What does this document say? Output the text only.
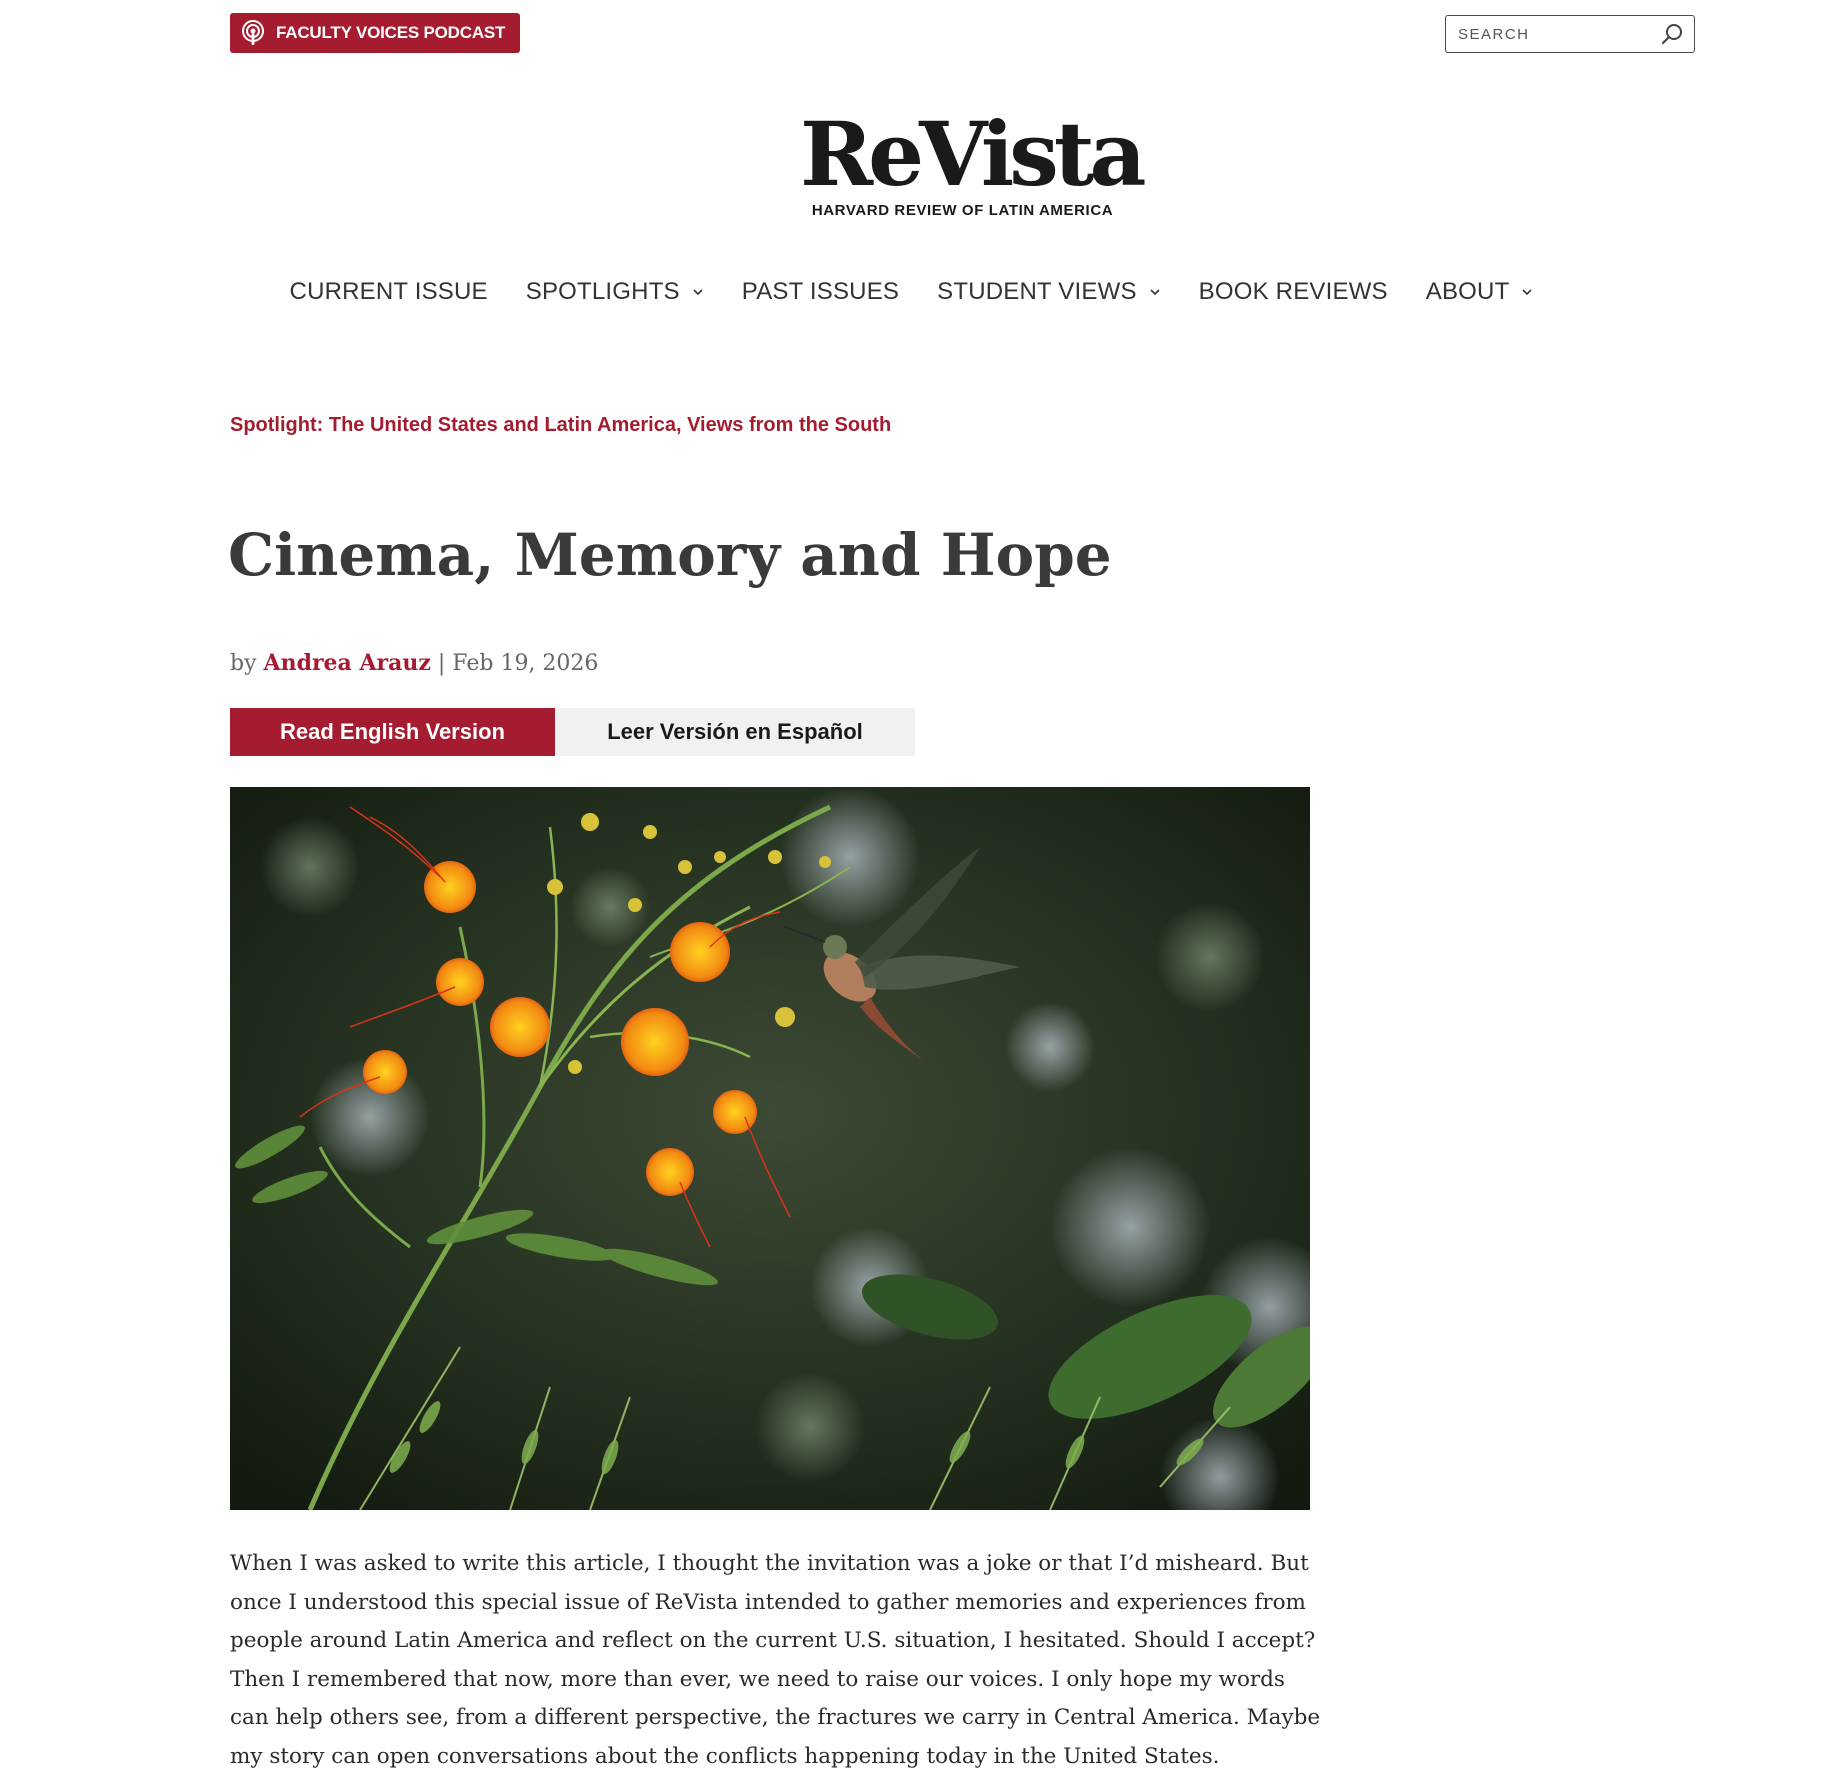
FACULTY VOICES PODCAST
SEARCH
ReVista
HARVARD REVIEW OF LATIN AMERICA
CURRENT ISSUE SPOTLIGHTS	PAST ISSUES STUDENT VIEWS	BOOK REVIEWS ABOUT
Spotlight: The United States and Latin America, Views from the South
Cinema, Memory and Hope
by Andrea Arauz | Feb 19, 2026
Read English Version	Leer Versión en Español

When I was asked to write this article, I thought the invitation was a joke or that I’d misheard. But once I understood this special issue of ReVista intended to gather memories and experiences from people around Latin America and reflect on the current U.S. situation, I hesitated. Should I accept? Then I remembered that now, more than ever, we need to raise our voices. I only hope my words can help others see, from a different perspective, the fractures we carry in Central America. Maybe my story can open conversations about the conflicts happening today in the United States.
